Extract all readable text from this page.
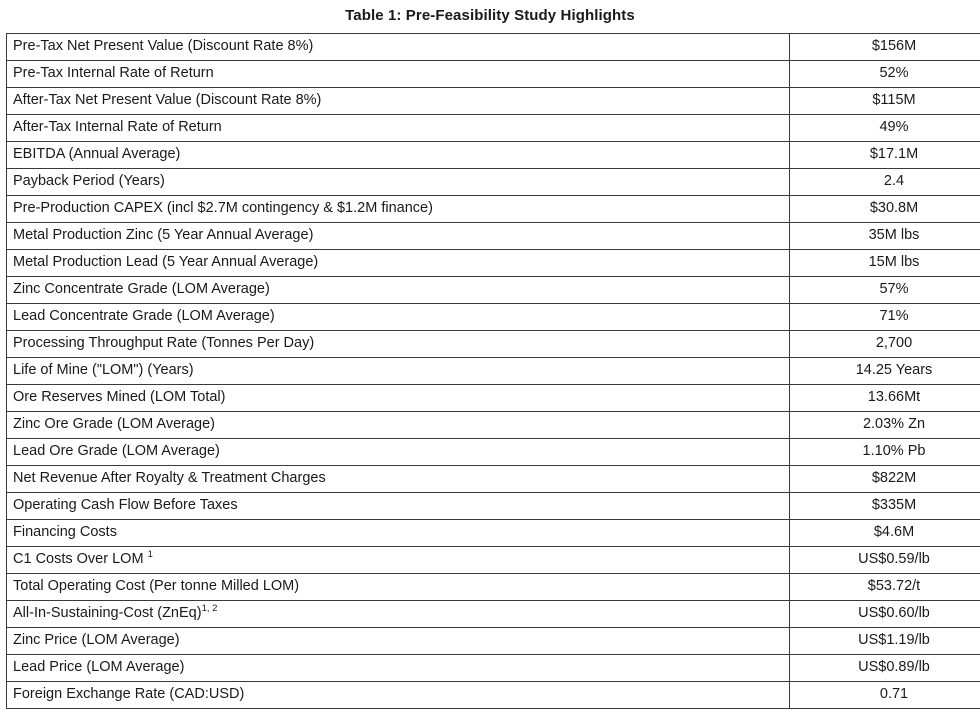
Table 1: Pre-Feasibility Study Highlights
Pre-Tax Net Present Value (Discount Rate 8%)	$156M
Pre-Tax Internal Rate of Return	52%
After-Tax Net Present Value (Discount Rate 8%)	$115M
After-Tax Internal Rate of Return	49%
EBITDA (Annual Average)	$17.1M
Payback Period (Years)	2.4
Pre-Production CAPEX (incl $2.7M contingency & $1.2M finance)	$30.8M
Metal Production Zinc (5 Year Annual Average)	35M lbs
Metal Production Lead (5 Year Annual Average)	15M lbs
Zinc Concentrate Grade (LOM Average)	57%
Lead Concentrate Grade (LOM Average)	71%
Processing Throughput Rate (Tonnes Per Day)	2,700
Life of Mine ("LOM") (Years)	14.25 Years
Ore Reserves Mined (LOM Total)	13.66Mt
Zinc Ore Grade (LOM Average)	2.03% Zn
Lead Ore Grade (LOM Average)	1.10% Pb
Net Revenue After Royalty & Treatment Charges	$822M
Operating Cash Flow Before Taxes	$335M
Financing Costs	$4.6M
C1 Costs Over LOM $^1$	US$0.59/lb
Total Operating Cost (Per tonne Milled LOM)	$53.72/t
All-In-Sustaining-Cost (ZnEq)$^{1, 2}$	US$0.60/lb
Zinc Price (LOM Average)	US$1.19/lb
Lead Price (LOM Average)	US$0.89/lb
Foreign Exchange Rate (CAD:USD)	0.71
